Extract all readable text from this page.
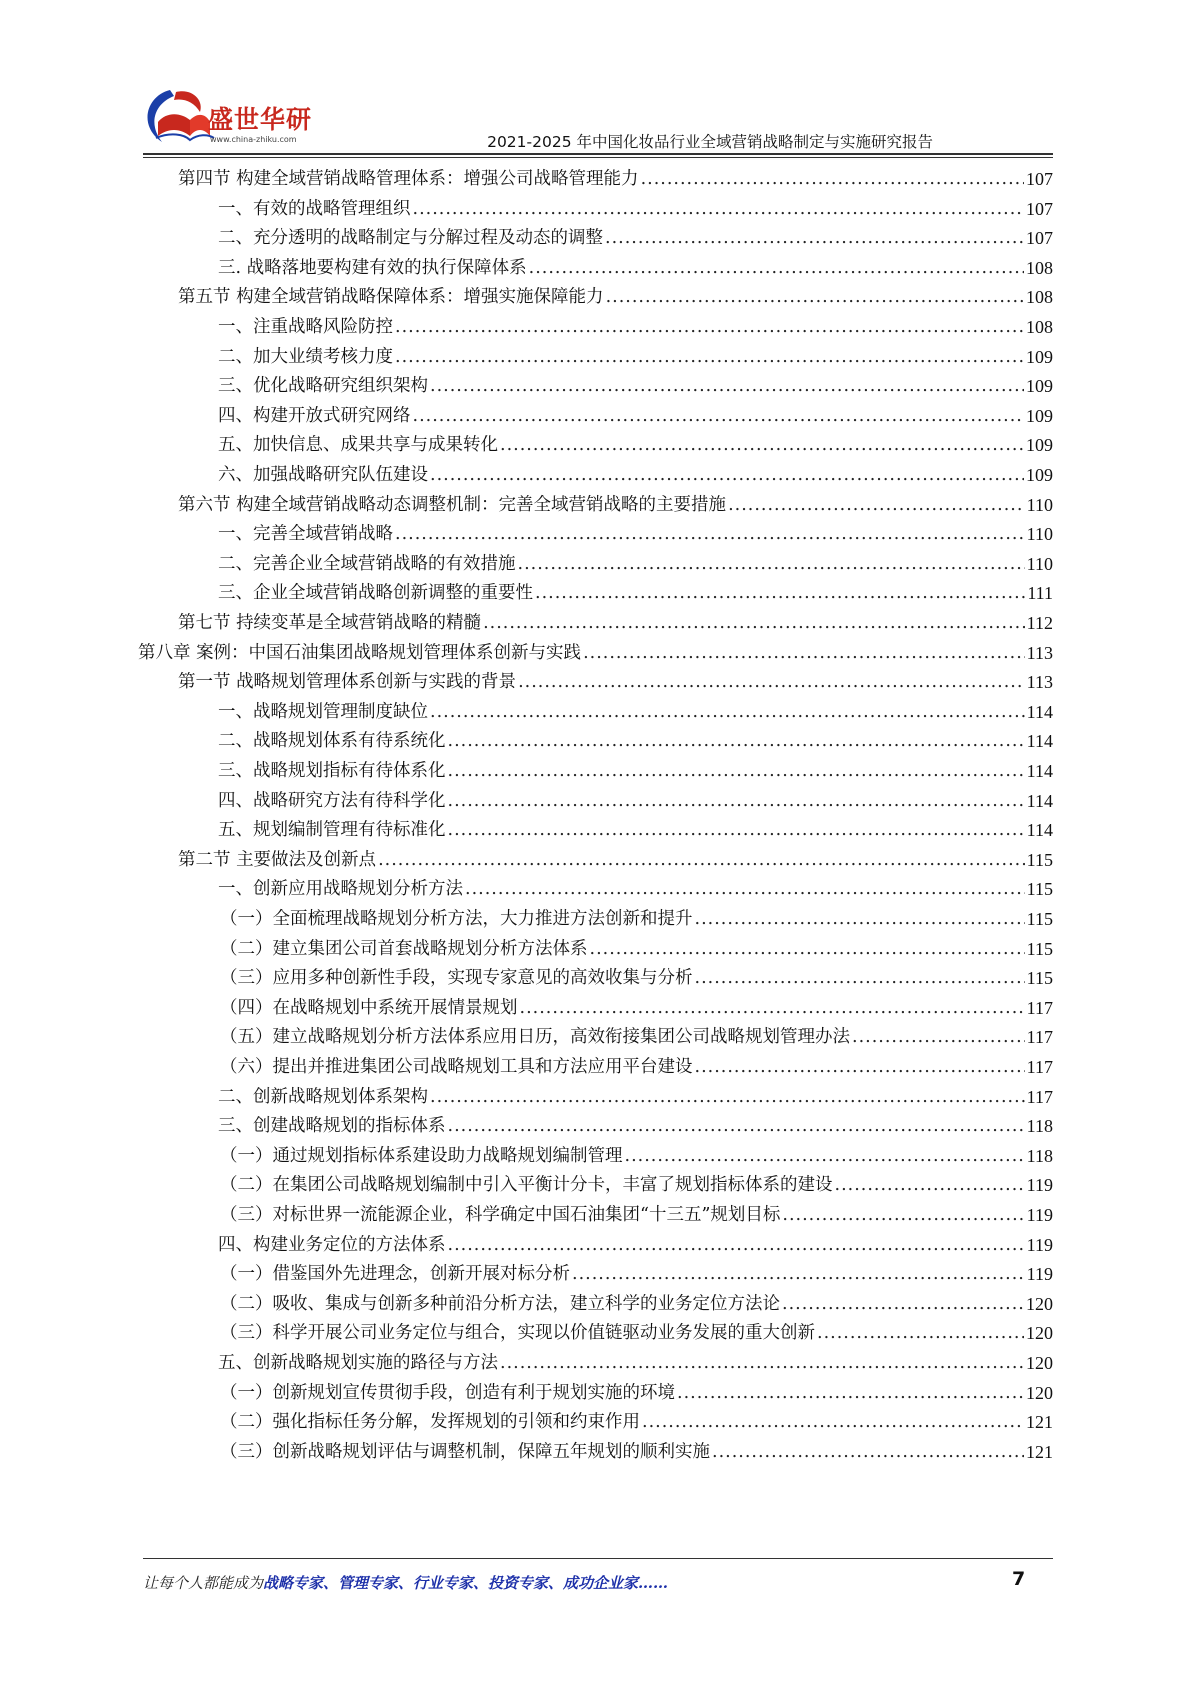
盛世华研
www.china-zhiku.com	2021-2025 年中国化妆品行业全域营销战略制定与实施研究报告
第四节 构建全域营销战略管理体系：增强公司战略管理能力 .....	107
一、有效的战略管理组织 .....	107
二、充分透明的战略制定与分解过程及动态的调整 .....	107
三. 战略落地要构建有效的执行保障体系 .....	108
第五节 构建全域营销战略保障体系：增强实施保障能力 .....	108
一、注重战略风险防控 .....	108
二、加大业绩考核力度 .....	109
三、优化战略研究组织架构 .....	109
四、构建开放式研究网络 .....	109
五、加快信息、成果共享与成果转化 .....	109
六、加强战略研究队伍建设 .....	109
第六节 构建全域营销战略动态调整机制：完善全域营销战略的主要措施 .....	110
一、完善全域营销战略 .....	110
二、完善企业全域营销战略的有效措施 .....	110
三、企业全域营销战略创新调整的重要性 .....	111
第七节 持续变革是全域营销战略的精髓 .....	112
第八章 案例：中国石油集团战略规划管理体系创新与实践 .....	113
第一节 战略规划管理体系创新与实践的背景 .....	113
一、战略规划管理制度缺位 .....	114
二、战略规划体系有待系统化 .....	114
三、战略规划指标有待体系化 .....	114
四、战略研究方法有待科学化 .....	114
五、规划编制管理有待标准化 .....	114
第二节 主要做法及创新点 .....	115
一、创新应用战略规划分析方法 .....	115
（一）全面梳理战略规划分析方法，大力推进方法创新和提升 .....	115
（二）建立集团公司首套战略规划分析方法体系 .....	115
（三）应用多种创新性手段，实现专家意见的高效收集与分析 .....	115
（四）在战略规划中系统开展情景规划 .....	117
（五）建立战略规划分析方法体系应用日历，高效衔接集团公司战略规划管理办法 .....	117
（六）提出并推进集团公司战略规划工具和方法应用平台建设 .....	117
二、创新战略规划体系架构 .....	117
三、创建战略规划的指标体系 .....	118
（一）通过规划指标体系建设助力战略规划编制管理 .....	118
（二）在集团公司战略规划编制中引入平衡计分卡，丰富了规划指标体系的建设 .....	119
（三）对标世界一流能源企业，科学确定中国石油集团“十三五”规划目标 .....	119
四、构建业务定位的方法体系 .....	119
（一）借鉴国外先进理念，创新开展对标分析 .....	119
（二）吸收、集成与创新多种前沿分析方法，建立科学的业务定位方法论 .....	120
（三）科学开展公司业务定位与组合，实现以价值链驱动业务发展的重大创新 .....	120
五、创新战略规划实施的路径与方法 .....	120
（一）创新规划宣传贯彻手段，创造有利于规划实施的环境 .....	120
（二）强化指标任务分解，发挥规划的引领和约束作用 .....	121
（三）创新战略规划评估与调整机制，保障五年规划的顺利实施 .....	121
让每个人都能成为战略专家、管理专家、行业专家、投资专家、成功企业家……	7
